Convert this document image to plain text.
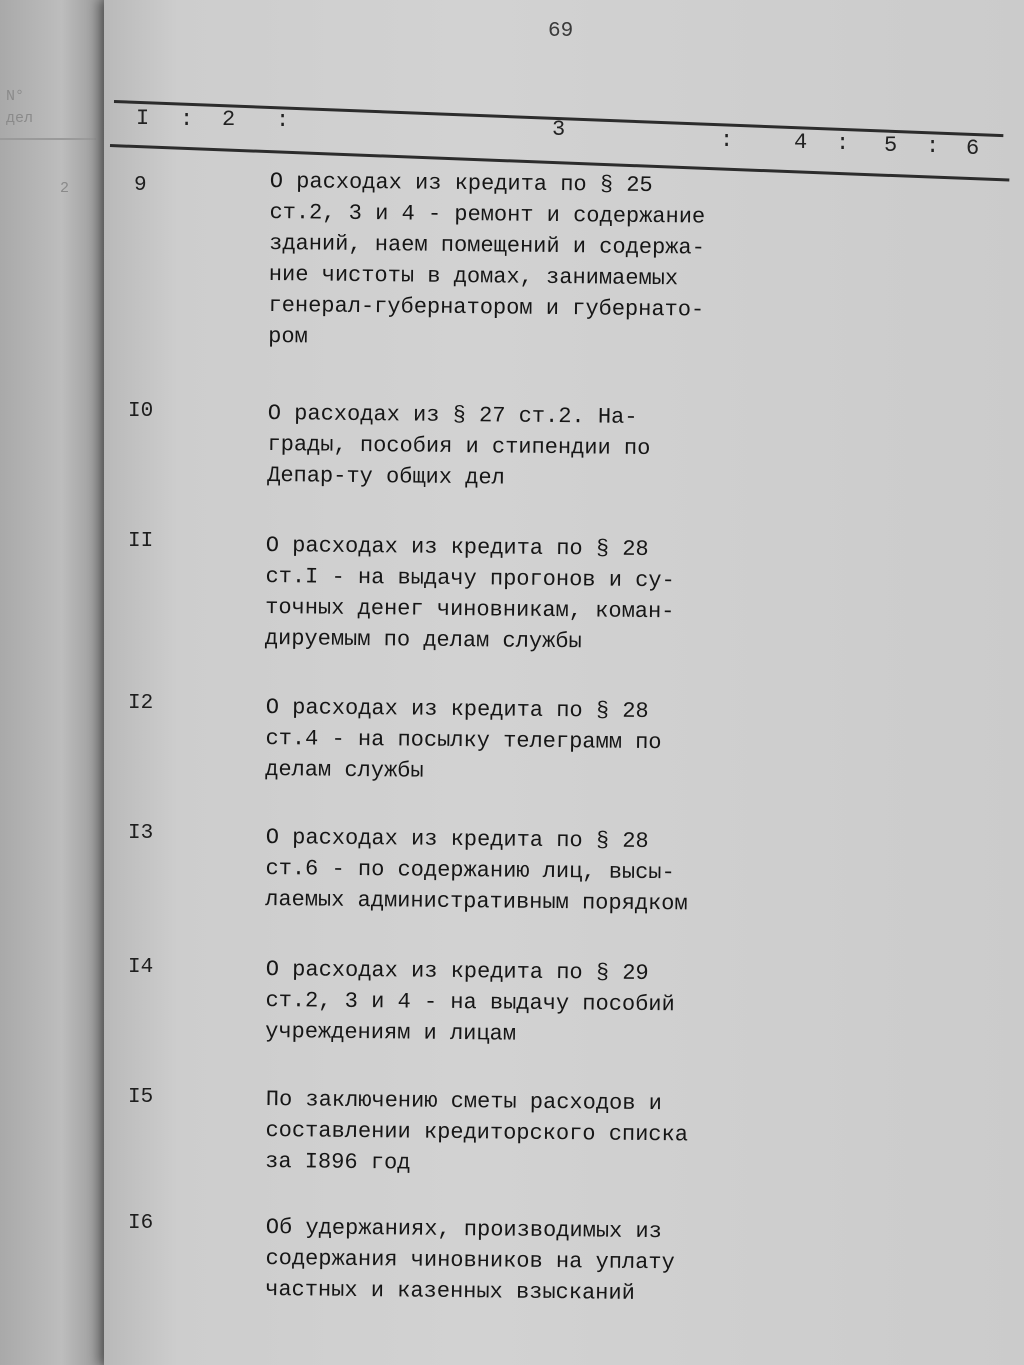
N°
дел
2
69
I : 2 :	3	:	4 : 5 : 6
9	О расходах из кредита по § 25
ст.2, 3 и 4 - ремонт и содержание
зданий, наем помещений и содержа-
ние чистоты в домах, занимаемых
генерал-губернатором и губернато-
ром
I0	О расходах из § 27 ст.2. На-
грады, пособия и стипендии по
Депар-ту общих дел
II	О расходах из кредита по § 28
ст.I - на выдачу прогонов и су-
точных денег чиновникам, коман-
дируемым по делам службы
I2	О расходах из кредита по § 28
ст.4 - на посылку телеграмм по
делам службы
I3	О расходах из кредита по § 28
ст.6 - по содержанию лиц, высы-
лаемых административным порядком
I4	О расходах из кредита по § 29
ст.2, 3 и 4 - на выдачу пособий
учреждениям и лицам
I5	По заключению сметы расходов и
составлении кредиторского списка
за I896 год
I6	Об удержаниях, производимых из
содержания чиновников на уплату
частных и казенных взысканий
